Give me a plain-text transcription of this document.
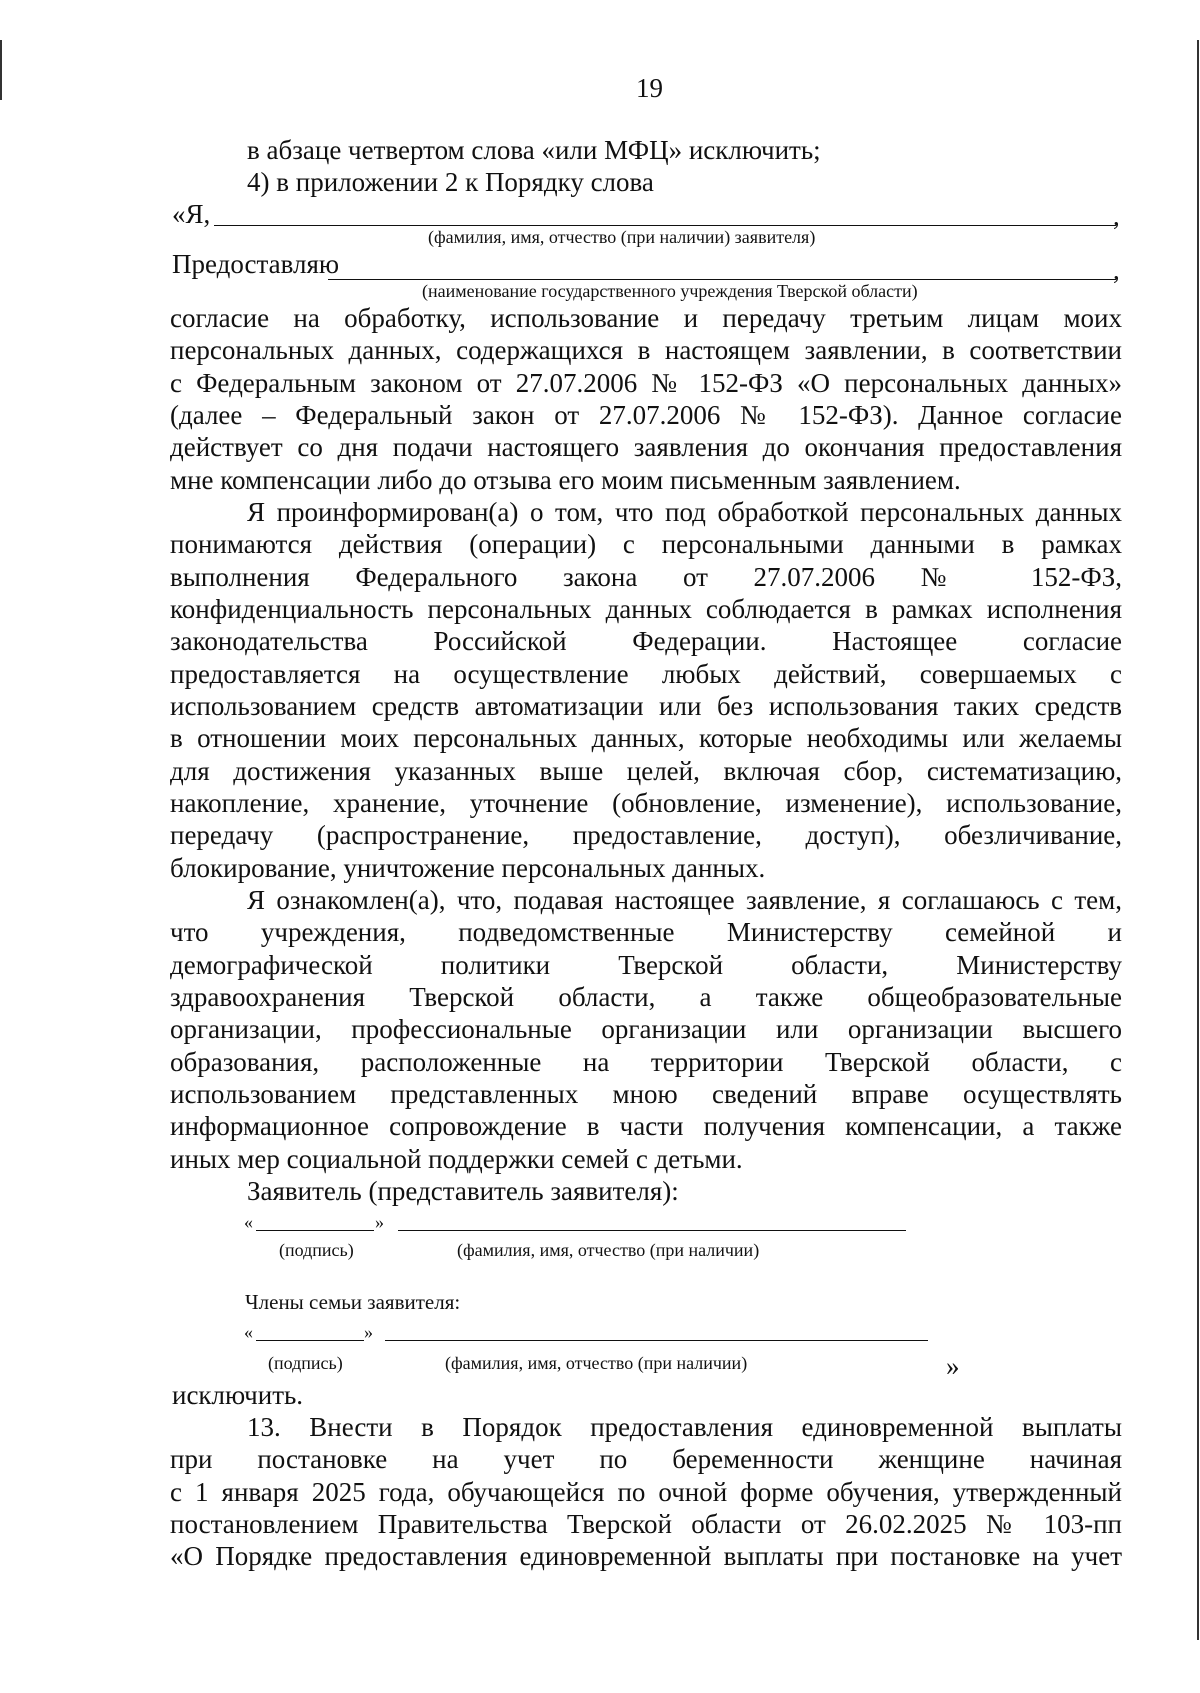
19
в абзаце четвертом слова «или МФЦ» исключить;
4) в приложении 2 к Порядку слова
«Я,	,
(фамилия, имя, отчество (при наличии) заявителя)
Предоставляю	,
(наименование государственного учреждения Тверской области)
согласие на обработку, использование и передачу третьим лицам моих
персональных данных, содержащихся в настоящем заявлении, в соответствии
с Федеральным законом от 27.07.2006 № 152-ФЗ «О персональных данных»
(далее – Федеральный закон от 27.07.2006 № 152-ФЗ). Данное согласие
действует со дня подачи настоящего заявления до окончания предоставления
мне компенсации либо до отзыва его моим письменным заявлением.
Я проинформирован(а) о том, что под обработкой персональных данных
понимаются действия (операции) с персональными данными в рамках
выполнения Федерального закона от 27.07.2006 № 152-ФЗ,
конфиденциальность персональных данных соблюдается в рамках исполнения
законодательства Российской Федерации. Настоящее согласие
предоставляется на осуществление любых действий, совершаемых с
использованием средств автоматизации или без использования таких средств
в отношении моих персональных данных, которые необходимы или желаемы
для достижения указанных выше целей, включая сбор, систематизацию,
накопление, хранение, уточнение (обновление, изменение), использование,
передачу (распространение, предоставление, доступ), обезличивание,
блокирование, уничтожение персональных данных.
Я ознакомлен(а), что, подавая настоящее заявление, я соглашаюсь с тем,
что учреждения, подведомственные Министерству семейной и
демографической политики Тверской области, Министерству
здравоохранения Тверской области, а также общеобразовательные
организации, профессиональные организации или организации высшего
образования, расположенные на территории Тверской области, с
использованием представленных мною сведений вправе осуществлять
информационное сопровождение в части получения компенсации, а также
иных мер социальной поддержки семей с детьми.
Заявитель (представитель заявителя):
«	»
(подпись)	(фамилия, имя, отчество (при наличии)
Члены семьи заявителя:
«	»
(подпись)	(фамилия, имя, отчество (при наличии)	»
исключить.
13. Внести в Порядок предоставления единовременной выплаты
при постановке на учет по беременности женщине начиная
с 1 января 2025 года, обучающейся по очной форме обучения, утвержденный
постановлением Правительства Тверской области от 26.02.2025 № 103-пп
«О Порядке предоставления единовременной выплаты при постановке на учет
